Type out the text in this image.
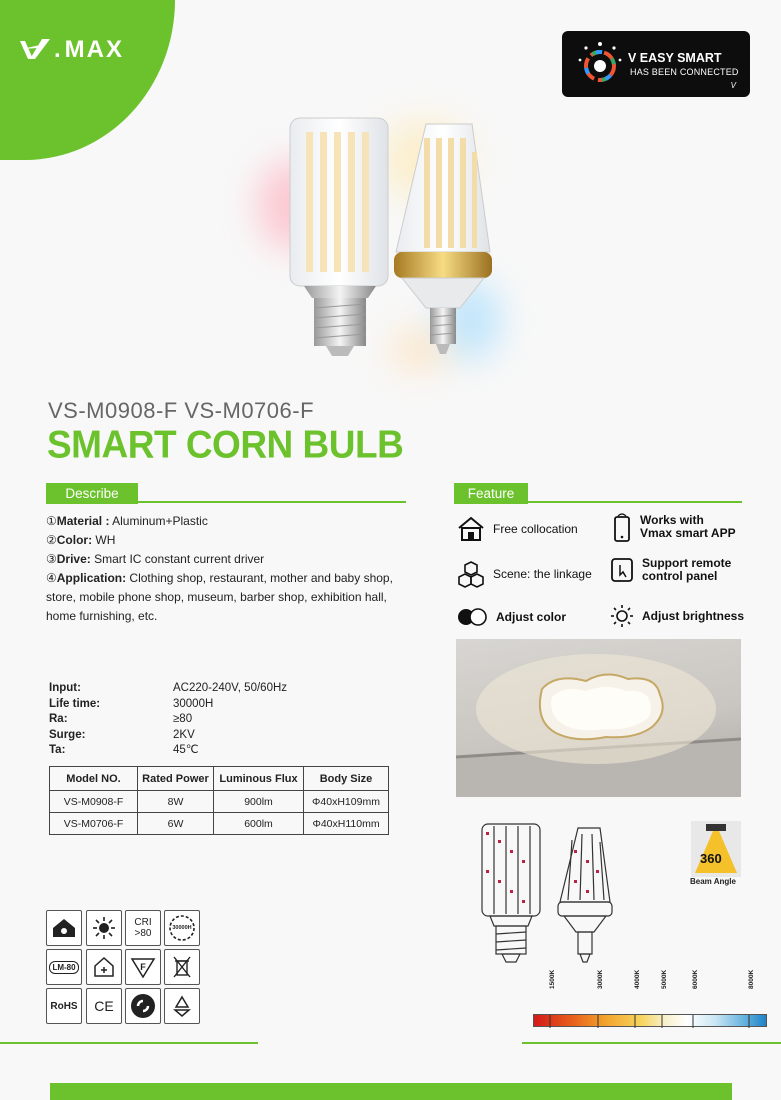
. MAX	V EASY SMART
HAS BEEN CONNECTED
V
VS-M0908-F VS-M0706-F
SMART CORN BULB
Describe	Feature
①Material : Aluminum+Plastic
②Color: WH
③Drive: Smart IC constant current driver
④Application: Clothing shop, restaurant, mother and baby shop, store, mobile phone shop, museum, barber shop, exhibition hall, home furnishing, etc.
Free collocation
Works with
Vmax smart APP
Scene: the linkage
Support remote
control panel
Adjust color	Adjust brightness
Input:	AC220-240V, 50/60Hz
Life time:	30000H
Ra:	≥80
Surge:	2KV
Ta:	45℃
Model NO.	Rated Power	Luminous Flux	Body Size
VS-M0908-F	8W	900lm	Φ40xH109mm
VS-M0706-F	6W	600lm	Φ40xH110mm
360
Beam Angle
CRI
>80	30000H
LM-80	F
RoHS CE
1500K	3000K	4000K	5000K	6000K	8000K
